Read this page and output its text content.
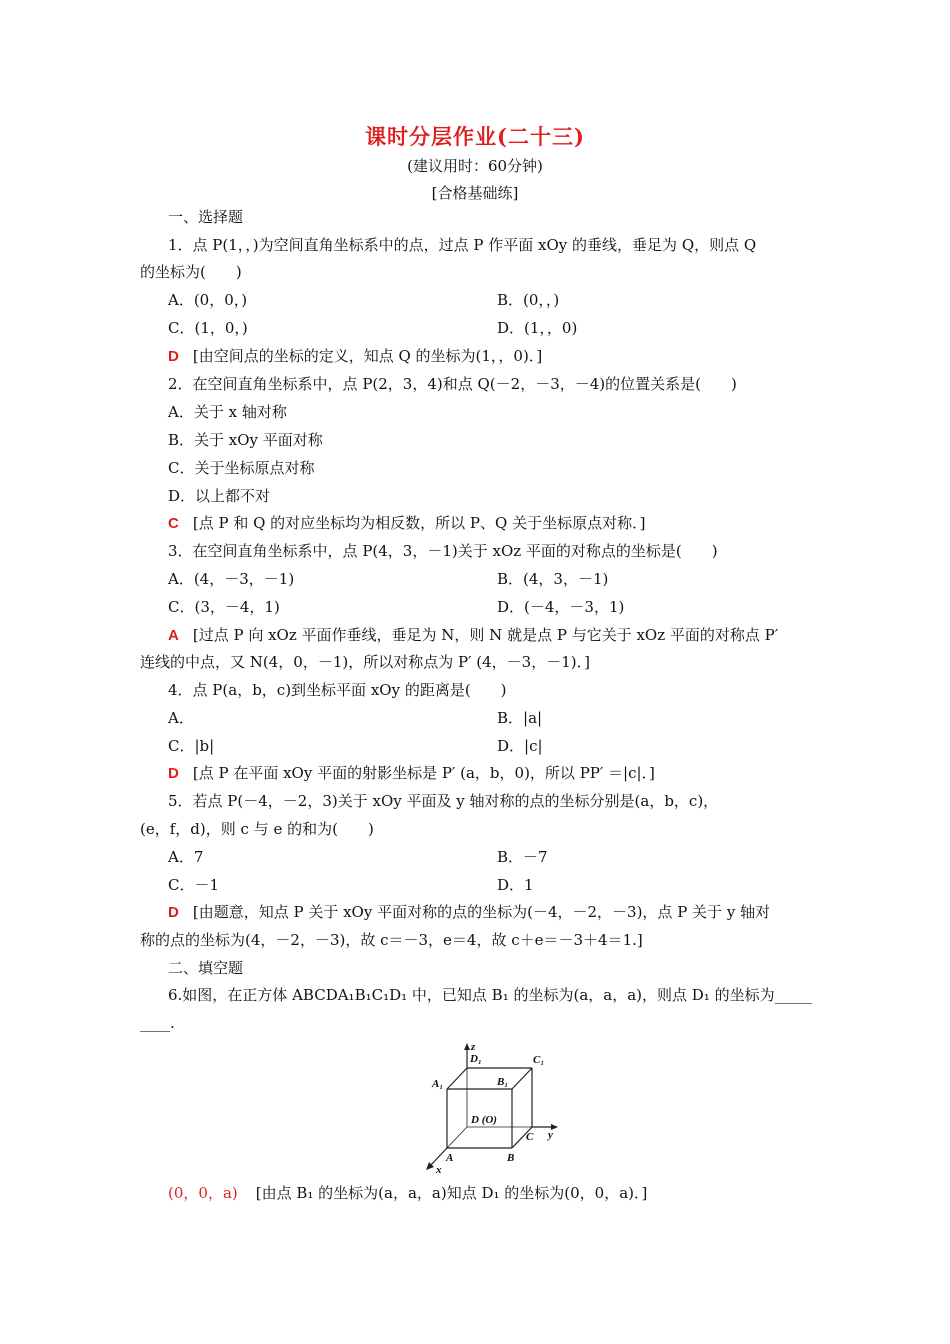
课时分层作业(二十三)
(建议用时：60分钟)
[合格基础练]
一、选择题
1．点 P(1，，)为空间直角坐标系中的点，过点 P 作平面 xOy 的垂线，垂足为 Q，则点 Q
的坐标为(　　)
A．(0，0，)	B．(0，，)
C．(1，0，)	D．(1，，0)
D [由空间点的坐标的定义，知点 Q 的坐标为(1，，0)．]
2．在空间直角坐标系中，点 P(2，3，4)和点 Q(－2，－3，－4)的位置关系是(　　)
A．关于 x 轴对称
B．关于 xOy 平面对称
C．关于坐标原点对称
D．以上都不对
C [点 P 和 Q 的对应坐标均为相反数，所以 P、Q 关于坐标原点对称．]
3．在空间直角坐标系中，点 P(4，3，－1)关于 xOz 平面的对称点的坐标是(　　)
A．(4，－3，－1)	B．(4，3，－1)
C．(3，－4，1)	D．(－4，－3，1)
A [过点 P 向 xOz 平面作垂线，垂足为 N，则 N 就是点 P 与它关于 xOz 平面的对称点 P′
连线的中点，又 N(4，0，－1)，所以对称点为 P′ (4，－3，－1)．]
4．点 P(a，b，c)到坐标平面 xOy 的距离是(　　)
A．	B．|a|
C．|b|	D．|c|
D [点 P 在平面 xOy 平面的射影坐标是 P′ (a，b，0)，所以 PP′ ＝|c|．]
5．若点 P(－4，－2，3)关于 xOy 平面及 y 轴对称的点的坐标分别是(a，b，c)，
(e，f，d)，则 c 与 e 的和为(　　)
A．7	B．－7
C．－1	D．1
D [由题意，知点 P 关于 xOy 平面对称的点的坐标为(－4，－2，－3)，点 P 关于 y 轴对
称的点的坐标为(4，－2，－3)，故 c＝－3，e＝4，故 c＋e＝－3＋4＝1.]
二、填空题
6.如图，在正方体 ABCDA₁B₁C₁D₁ 中，已知点 B₁ 的坐标为(a，a，a)，则点 D₁ 的坐标为_____
____.
z
y
x
D₁	C₁
A₁	B₁
D (O)
C
A	B
(0，0，a) [由点 B₁ 的坐标为(a，a，a)知点 D₁ 的坐标为(0，0，a)．]
